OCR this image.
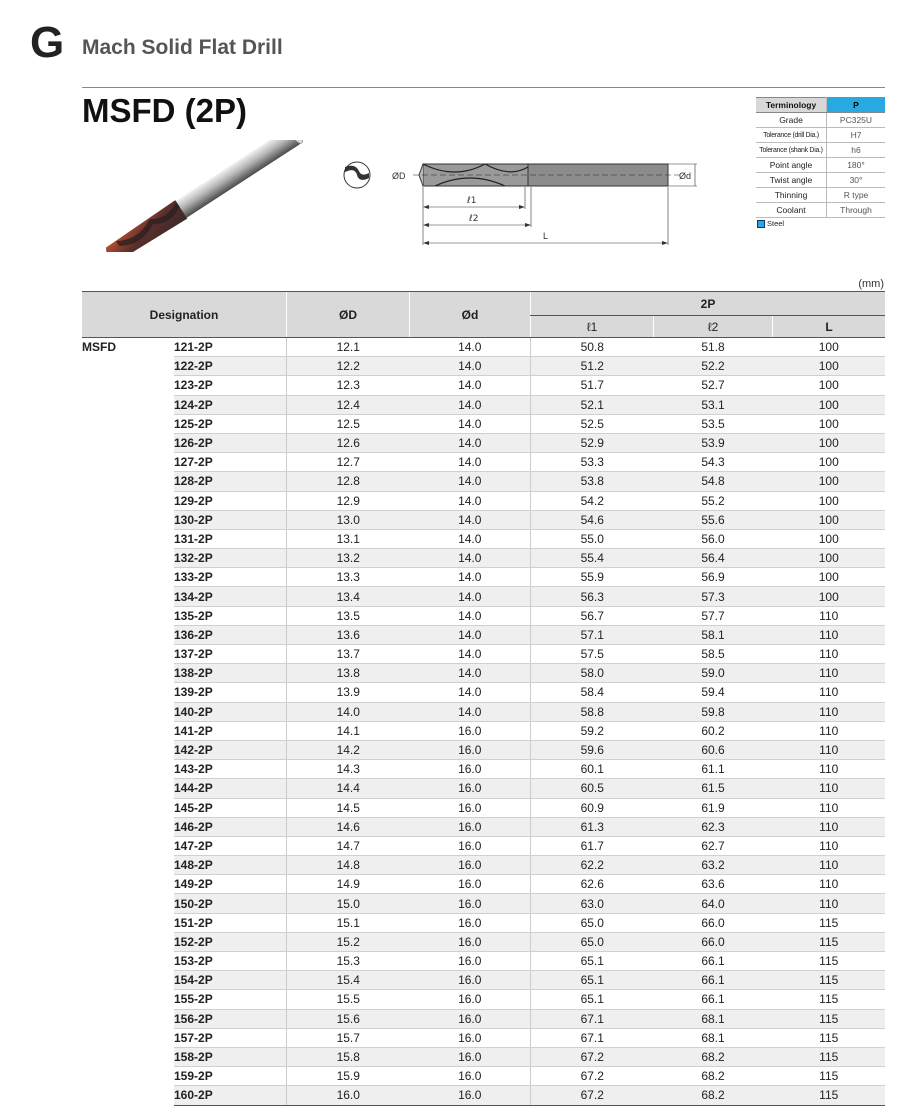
G Mach Solid Flat Drill
MSFD (2P)
ØD	Ød
ℓ1
ℓ2
L
Terminology	P
Grade	PC325U
Tolerance (drill Dia.)	H7
Tolerance (shank Dia.)	h6
Point angle	180°
Twist angle	30°
Thinning	R type
Coolant	Through
Steel
(mm)
Designation		ØD	Ød	2P		
				ℓ1	ℓ2	L
MSFD	121-2P	12.1	14.0	50.8	51.8	100
	122-2P	12.2	14.0	51.2	52.2	100
	123-2P	12.3	14.0	51.7	52.7	100
	124-2P	12.4	14.0	52.1	53.1	100
	125-2P	12.5	14.0	52.5	53.5	100
	126-2P	12.6	14.0	52.9	53.9	100
	127-2P	12.7	14.0	53.3	54.3	100
	128-2P	12.8	14.0	53.8	54.8	100
	129-2P	12.9	14.0	54.2	55.2	100
	130-2P	13.0	14.0	54.6	55.6	100
	131-2P	13.1	14.0	55.0	56.0	100
	132-2P	13.2	14.0	55.4	56.4	100
	133-2P	13.3	14.0	55.9	56.9	100
	134-2P	13.4	14.0	56.3	57.3	100
	135-2P	13.5	14.0	56.7	57.7	110
	136-2P	13.6	14.0	57.1	58.1	110
	137-2P	13.7	14.0	57.5	58.5	110
	138-2P	13.8	14.0	58.0	59.0	110
	139-2P	13.9	14.0	58.4	59.4	110
	140-2P	14.0	14.0	58.8	59.8	110
	141-2P	14.1	16.0	59.2	60.2	110
	142-2P	14.2	16.0	59.6	60.6	110
	143-2P	14.3	16.0	60.1	61.1	110
	144-2P	14.4	16.0	60.5	61.5	110
	145-2P	14.5	16.0	60.9	61.9	110
	146-2P	14.6	16.0	61.3	62.3	110
	147-2P	14.7	16.0	61.7	62.7	110
	148-2P	14.8	16.0	62.2	63.2	110
	149-2P	14.9	16.0	62.6	63.6	110
	150-2P	15.0	16.0	63.0	64.0	110
	151-2P	15.1	16.0	65.0	66.0	115
	152-2P	15.2	16.0	65.0	66.0	115
	153-2P	15.3	16.0	65.1	66.1	115
	154-2P	15.4	16.0	65.1	66.1	115
	155-2P	15.5	16.0	65.1	66.1	115
	156-2P	15.6	16.0	67.1	68.1	115
	157-2P	15.7	16.0	67.1	68.1	115
	158-2P	15.8	16.0	67.2	68.2	115
	159-2P	15.9	16.0	67.2	68.2	115
	160-2P	16.0	16.0	67.2	68.2	115
